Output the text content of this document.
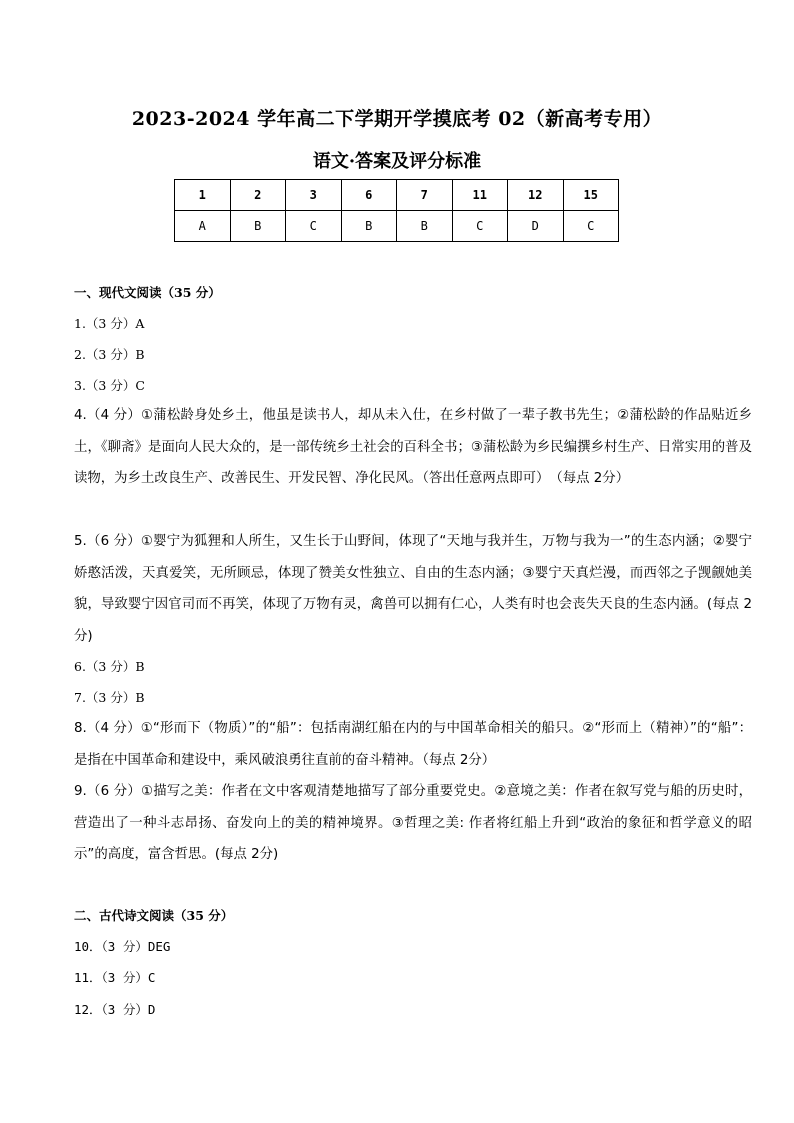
2023-2024 学年高二下学期开学摸底考 02（新高考专用）
语文·答案及评分标准
1	2	3	6	7	11	12	15
A	B	C	B	B	C	D	C
一、现代文阅读（35 分）
1.（3 分）A
2.（3 分）B
3.（3 分）C
4.（4 分）①蒲松龄身处乡土，他虽是读书人，却从未入仕，在乡村做了一辈子教书先生；②蒲松龄的作品贴近乡土，《聊斋》是面向人民大众的，是一部传统乡土社会的百科全书；③蒲松龄为乡民编撰乡村生产、日常实用的普及读物，为乡土改良生产、改善民生、开发民智、净化民风。（答出任意两点即可）　（每点 2分）
5.（6 分）①婴宁为狐狸和人所生，又生长于山野间，体现了“天地与我并生，万物与我为一”的生态内涵；②婴宁娇憨活泼，天真爱笑，无所顾忌，体现了赞美女性独立、自由的生态内涵；③婴宁天真烂漫，而西邻之子觊觎她美貌，导致婴宁因官司而不再笑，体现了万物有灵，禽兽可以拥有仁心，人类有时也会丧失天良的生态内涵。(每点 2分)
6.（3 分）B
7.（3 分）B
8.（4 分）①“形而下（物质）”的“船”：包括南湖红船在内的与中国革命相关的船只。②“形而上（精神）”的“船”：是指在中国革命和建设中，乘风破浪勇往直前的奋斗精神。（每点 2分）
9.（6 分）①描写之美：作者在文中客观清楚地描写了部分重要党史。②意境之美：作者在叙写党与船的历史时，营造出了一种斗志昂扬、奋发向上的美的精神境界。③哲理之美: 作者将红船上升到“政治的象征和哲学意义的昭示”的高度，富含哲思。(每点 2分)
二、古代诗文阅读（35 分）
10．（3 分）DEG
11．（3 分）C
12．（3 分）D
